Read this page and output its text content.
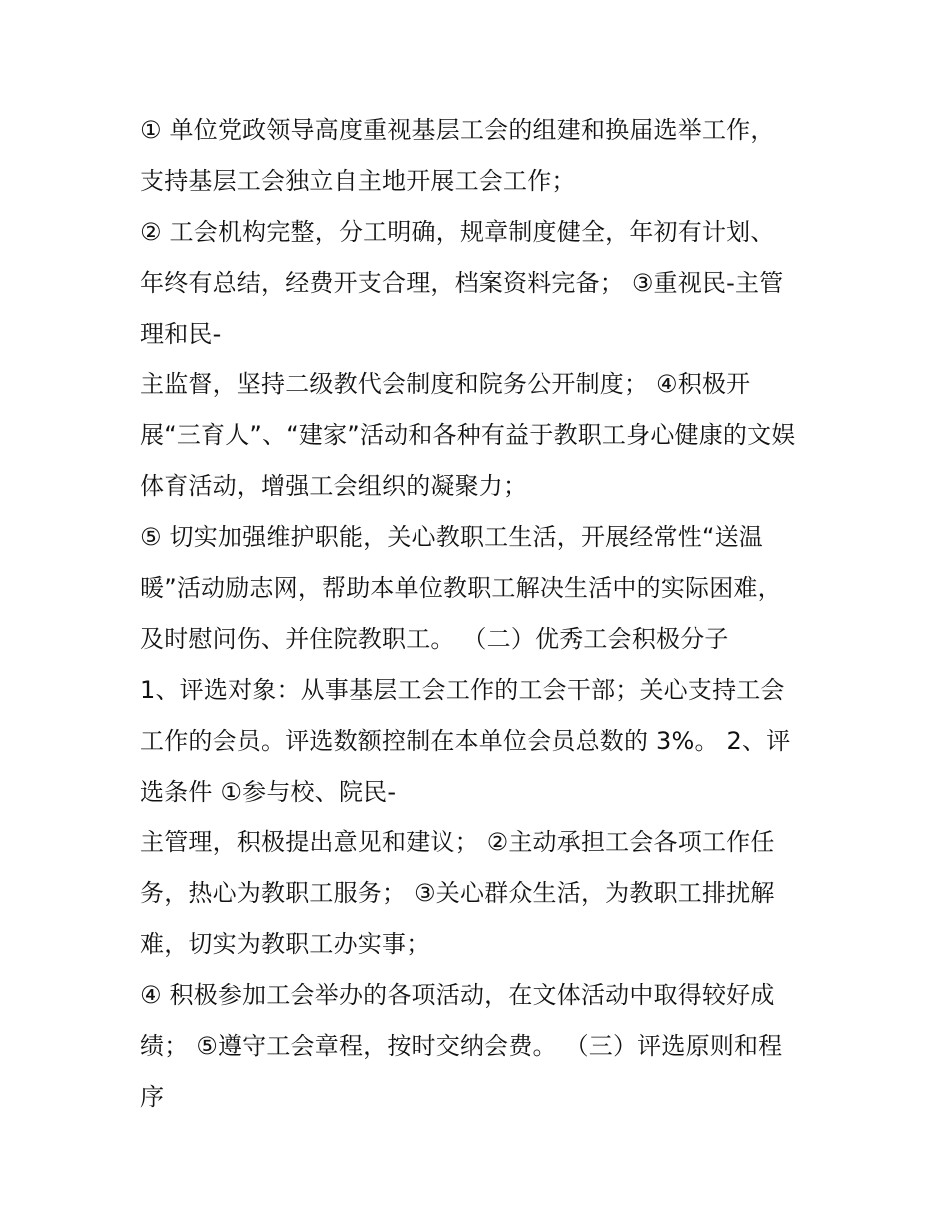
① 单位党政领导高度重视基层工会的组建和换届选举工作，
支持基层工会独立自主地开展工会工作；
② 工会机构完整，分工明确，规章制度健全，年初有计划、
年终有总结，经费开支合理，档案资料完备； ③重视民-主管
理和民-
主监督，坚持二级教代会制度和院务公开制度； ④积极开
展“三育人”、“建家”活动和各种有益于教职工身心健康的文娱
体育活动，增强工会组织的凝聚力；
⑤ 切实加强维护职能，关心教职工生活，开展经常性“送温
暖”活动励志网，帮助本单位教职工解决生活中的实际困难，
及时慰问伤、并住院教职工。 （二）优秀工会积极分子
1、评选对象：从事基层工会工作的工会干部；关心支持工会
工作的会员。评选数额控制在本单位会员总数的 3%。 2、评
选条件 ①参与校、院民-
主管理，积极提出意见和建议； ②主动承担工会各项工作任
务，热心为教职工服务； ③关心群众生活，为教职工排扰解
难，切实为教职工办实事；
④ 积极参加工会举办的各项活动，在文体活动中取得较好成
绩； ⑤遵守工会章程，按时交纳会费。 （三）评选原则和程
序
